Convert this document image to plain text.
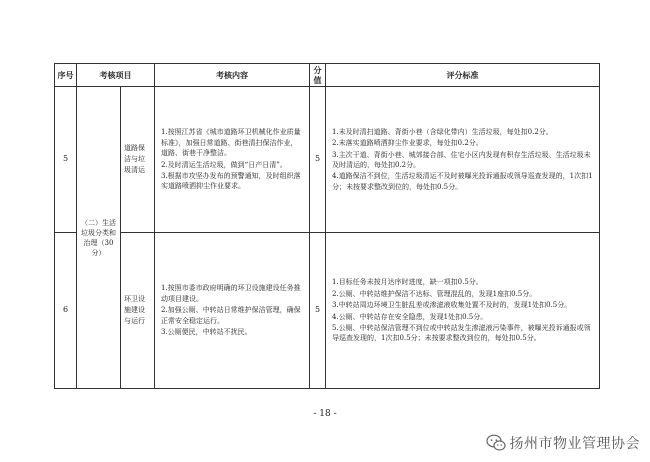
序号	考核项目		考核内容	分值	评分标准
5	（二）生活垃圾分类和治理（30分）	道路保洁与垃圾清运	1.按照江苏省《城市道路环卫机械化作业质量标准》，加强日常道路、街巷清扫保洁作业，道路、街巷干净整洁。
2.及时清运生活垃圾，做到“日产日清”。
3.根据市攻坚办发布的预警通知，及时组织落实道路喷洒抑尘作业要求。	5	1.未及时清扫道路、背街小巷（含绿化带内）生活垃圾，每处扣0.2分。
2.未落实道路喷洒抑尘作业要求，每处扣0.2分。
3.主次干道、背街小巷、城郊接合部、住宅小区内发现有积存生活垃圾、生活垃圾未及时清运的，每处扣0.2分。
4.道路保洁不到位，生活垃圾清运不及时被曝光投诉通报或领导巡查发现的，1次扣1分；未按要求整改到位的，每处扣0.5分。

6		环卫设施建设与运行	1.按照市委市政府明确的环卫设施建设任务推动项目建设。
2.加强公厕、中转站日常维护保洁管理，确保正常安全稳定运行。
3.公厕便民，中转站不扰民。	5	1.目标任务未按月达序时进度，缺一项扣0.5分。
2.公厕、中转站维护保洁不达标、管理混乱的，发现1座扣0.5分。
3.中转站周边环境卫生脏乱差或渗滤液收集处置不及时的，发现1处扣0.5分。
4.公厕、中转站存在安全隐患，发现1处扣0.5分。
5.公厕、中转站保洁管理不到位或中转站发生渗滤液污染事件，被曝光投诉通报或领导巡查发现的，1次扣0.5分；未按要求整改到位的，每处扣0.5分。
- 18 -
扬州市物业管理协会
